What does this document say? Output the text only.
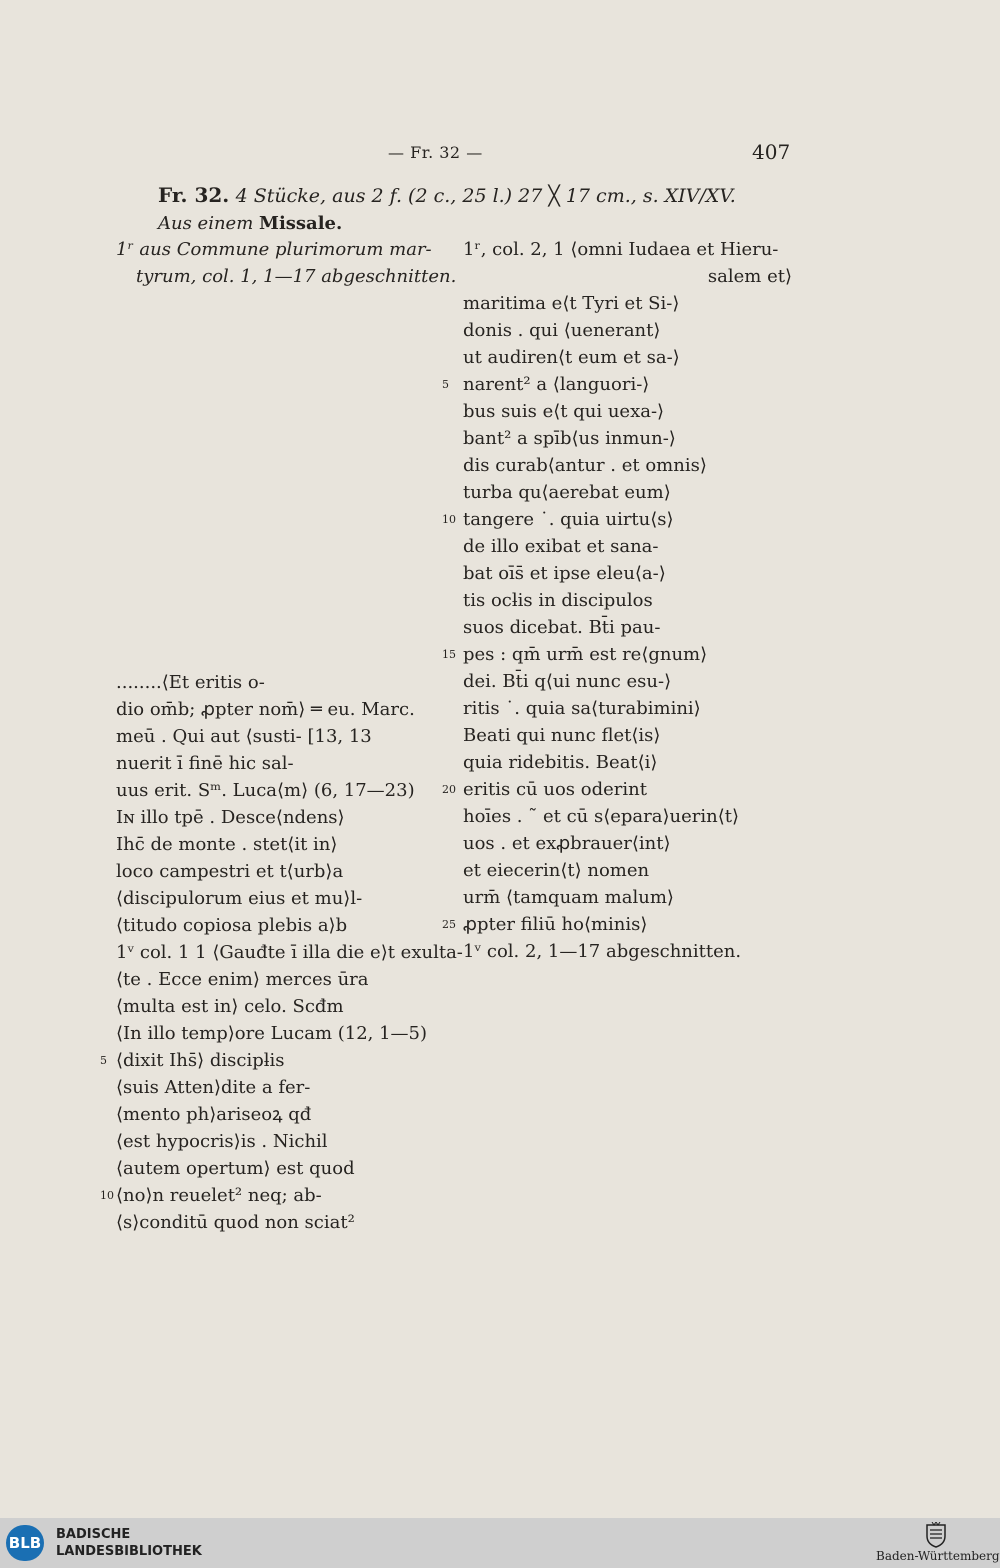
— Fr. 32 —	407
Fr. 32. 4 Stücke, aus 2 f. (2 c., 25 l.) 27 ╳ 17 cm., s. XIV/XV.
Aus einem Missale.
1ʳ aus Commune plurimorum mar-
tyrum, col. 1, 1—17 abgeschnitten.
........⟨Et eritis o-
dio om̄b; ꝓpter nom̄⟩ ═ eu. Marc.
meū . Qui aut ⟨susti- [13, 13
nuerit ī finē hic sal-
uus erit. Sᵐ. Luca⟨m⟩ (6, 17—23)
Iɴ illo tpē . Desce⟨ndens⟩
Ihc̄ de monte . stet⟨it in⟩
loco campestri et t⟨urb⟩a
⟨discipulorum eius et mu⟩l-
⟨titudo copiosa plebis a⟩b
1ᵛ col. 1 1 ⟨Gauđte ī illa die e⟩t exulta-
⟨te . Ecce enim⟩ merces ūra
⟨multa est in⟩ celo. Scđm
⟨In illo temp⟩ore Lucam (12, 1—5)
5 ⟨dixit Ihs̄⟩ discipƚis
⟨suis Atten⟩dite a fer-
⟨mento ph⟩ariseoꝝ qđ
⟨est hypocris⟩is . Nichil
⟨autem opertum⟩ est quod
10 ⟨no⟩n reuelet² neq; ab-
⟨s⟩conditū quod non sciat²
1ʳ, col. 2, 1 ⟨omni Iudaea et Hieru-
salem et⟩
maritima e⟨t Tyri et Si-⟩
donis . qui ⟨uenerant⟩
ut audiren⟨t eum et sa-⟩
5 narent² a ⟨languori-⟩
bus suis e⟨t qui uexa-⟩
bant² a spīb⟨us inmun-⟩
dis curab⟨antur . et omnis⟩
turba qu⟨aerebat eum⟩
10 tangere ˙. quia uirtu⟨s⟩
de illo exibat et sana-
bat oīs̄ et ipse eleu⟨a-⟩
tis ocƚis in discipulos
suos dicebat. Bt̄i pau-
15 pes : qm̄ urm̄ est re⟨gnum⟩
dei. Bt̄i q⟨ui nunc esu-⟩
ritis ˙. quia sa⟨turabimini⟩
Beati qui nunc flet⟨is⟩
quia ridebitis. Beat⟨i⟩
20 eritis cū uos oderint
hoīes . ˜ et cū s⟨epara⟩uerin⟨t⟩
uos . et exꝓbrauer⟨int⟩
et eiecerin⟨t⟩ nomen
urm̄ ⟨tamquam malum⟩
25 ꝓpter filiū ho⟨minis⟩
1ᵛ col. 2, 1—17 abgeschnitten.
BLB BADISCHE
LANDESBIBLIOTHEK	Baden-Württemberg
